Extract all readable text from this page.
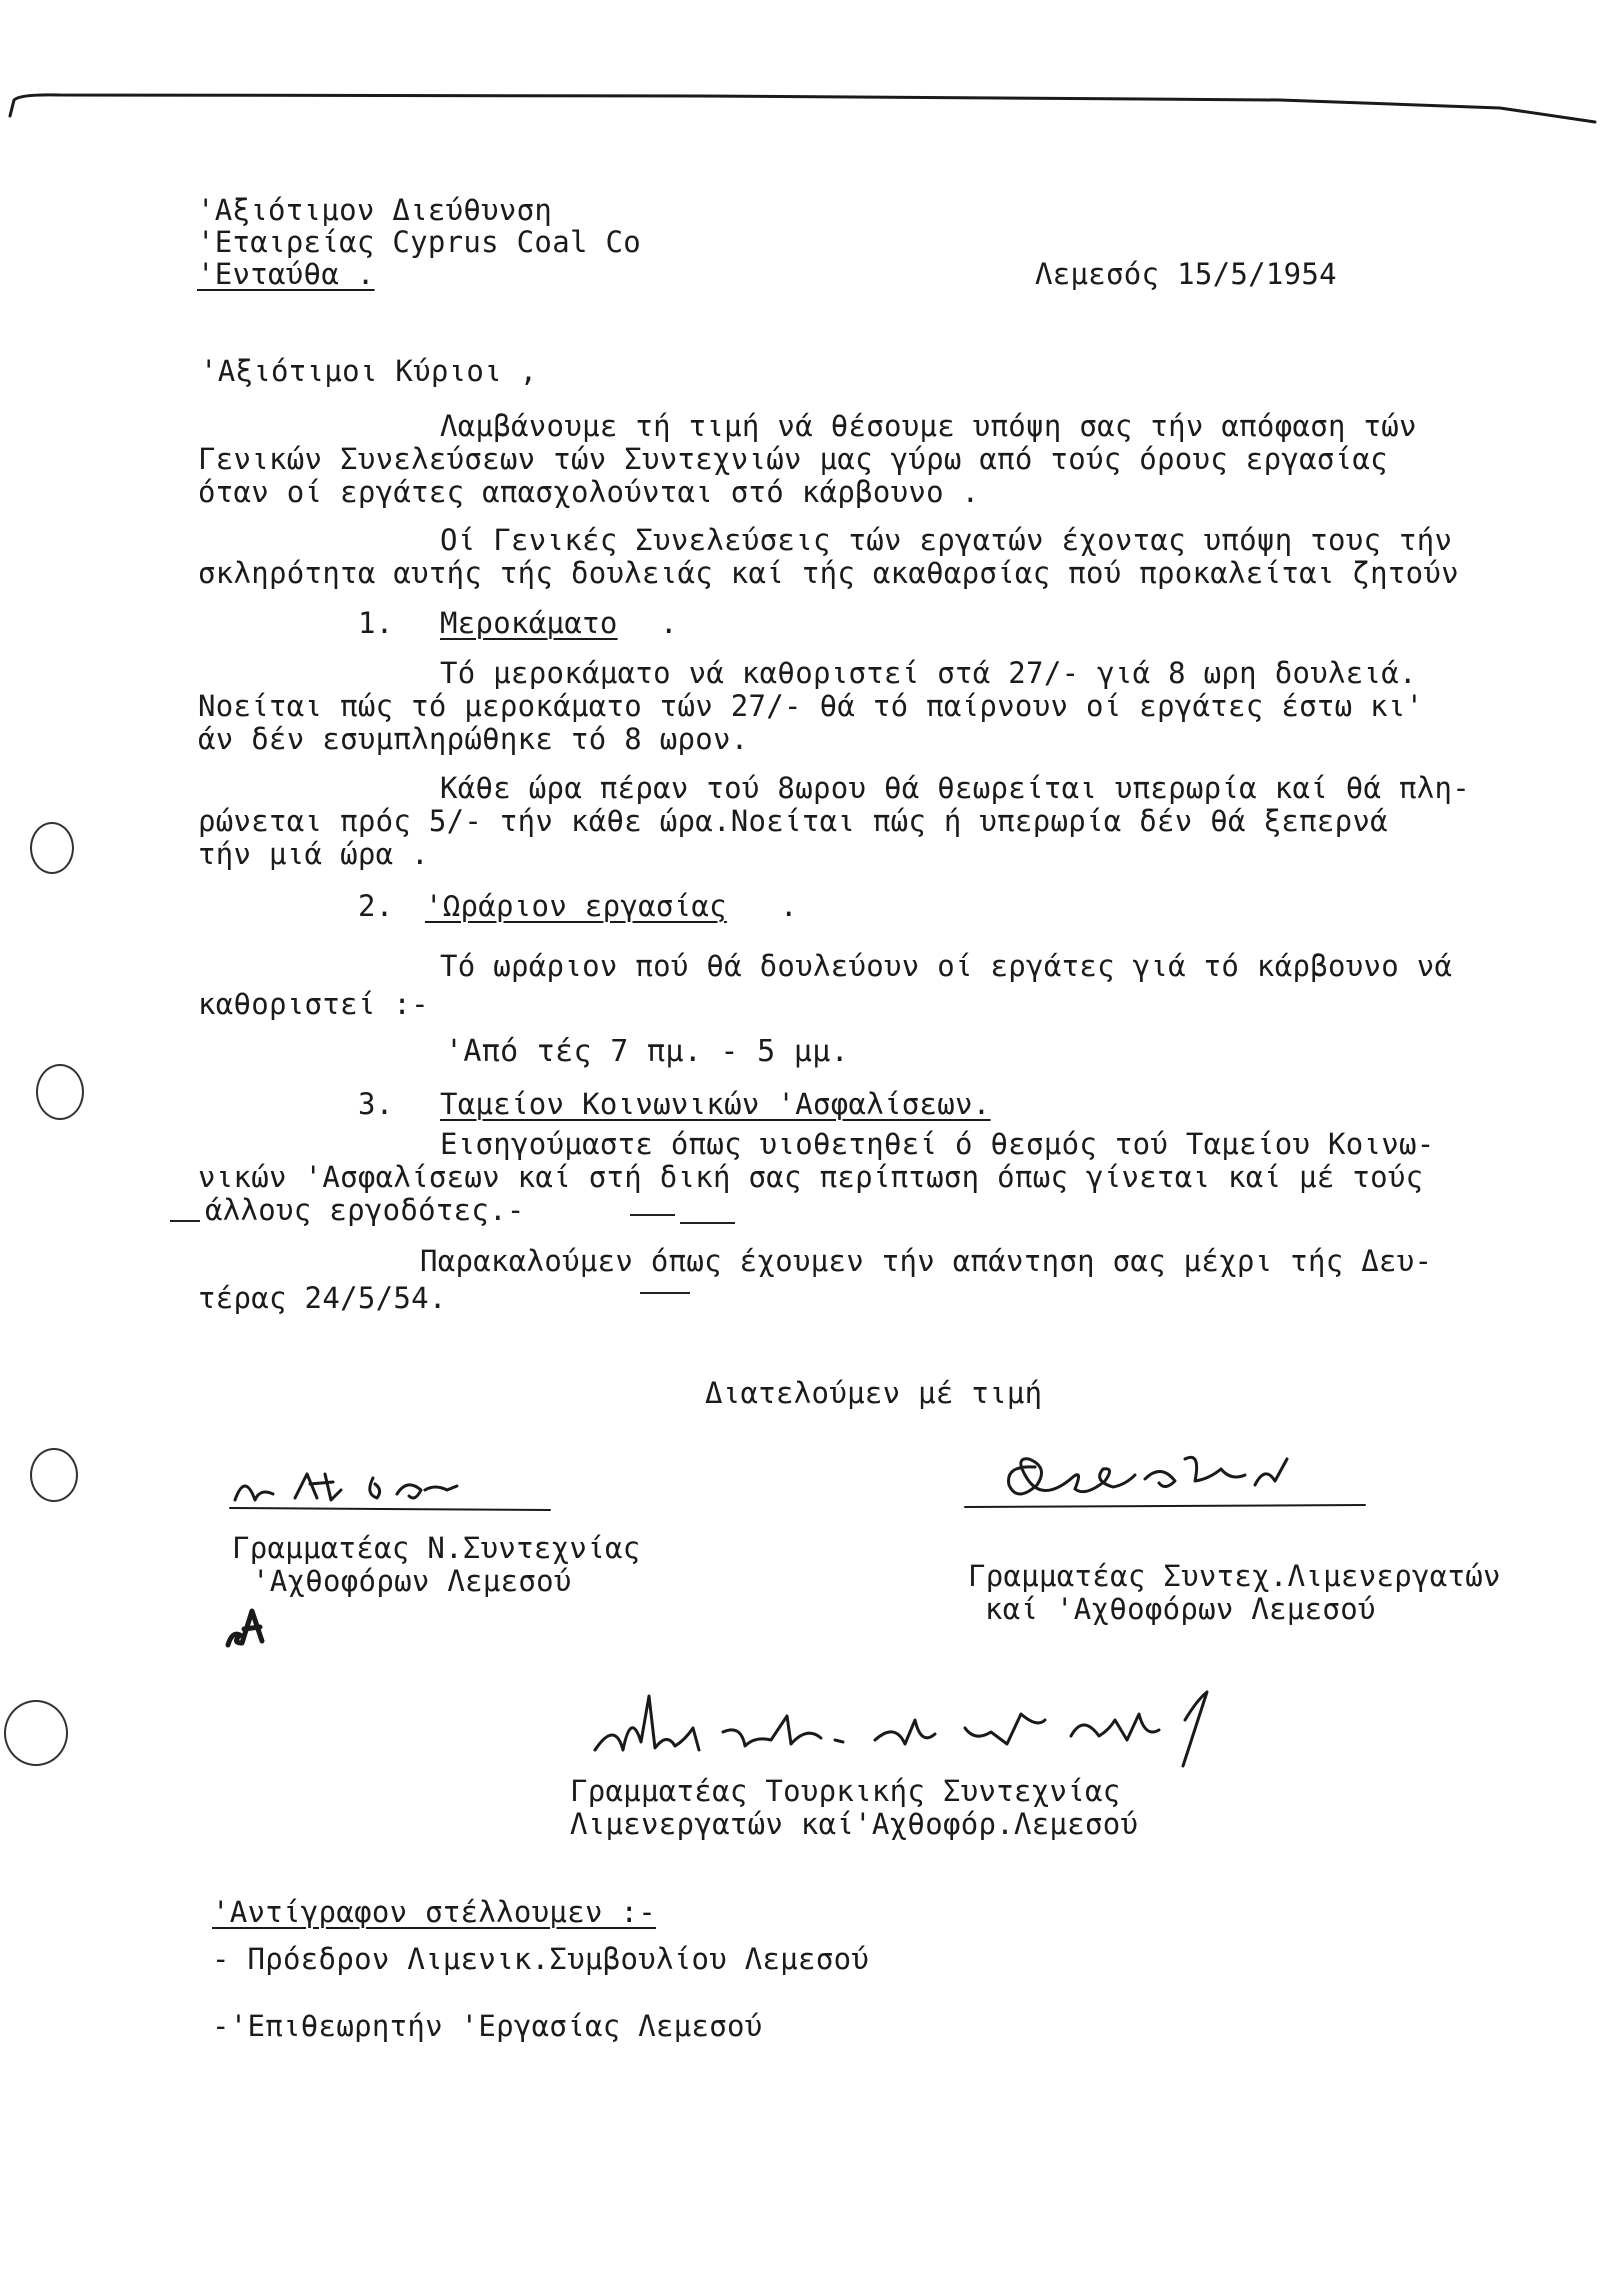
'Αξιότιμον Διεύθυνση

'Εταιρείας Cyprus Coal Co

'Ενταύθα .	Λεμεσός 15/5/1954

'Αξιότιμοι Κύριοι ,

Λαμβάνουμε τή τιμή νά θέσουμε υπόψη σας τήν απόφαση τών

Γενικών Συνελεύσεων τών Συντεχνιών μας γύρω από τούς όρους εργασίας

όταν οί εργάτες απασχολούνται στό κάρβουνο .

Οί Γενικές Συνελεύσεις τών εργατών έχοντας υπόψη τους τήν

σκληρότητα αυτής τής δουλειάς καί τής ακαθαρσίας πού προκαλείται ζητούν

1. Μεροκάματο .

Τό μεροκάματο νά καθοριστεί στά 27/- γιά 8 ωρη δουλειά.

Νοείται πώς τό μεροκάματο τών 27/- θά τό παίρνουν οί εργάτες έστω κι'

άν δέν εσυμπληρώθηκε τό 8 ωρον.

Κάθε ώρα πέραν τού 8ωρου θά θεωρείται υπερωρία καί θά πλη-

ρώνεται πρός 5/- τήν κάθε ώρα.Νοείται πώς ή υπερωρία δέν θά ξεπερνά

τήν μιά ώρα .

2. 'Ωράριον εργασίας .

Τό ωράριον πού θά δουλεύουν οί εργάτες γιά τό κάρβουνο νά

καθοριστεί :-

'Από τές 7 πμ. - 5 μμ.

3. Ταμείον Κοινωνικών 'Ασφαλίσεων.

Εισηγούμαστε όπως υιοθετηθεί ό θεσμός τού Ταμείου Κοινω-

νικών 'Ασφαλίσεων καί στή δική σας περίπτωση όπως γίνεται καί μέ τούς

άλλους εργοδότες.-

Παρακαλούμεν όπως έχουμεν τήν απάντηση σας μέχρι τής Δευ-

τέρας 24/5/54.

Διατελούμεν μέ τιμή

Γραμματέας Ν.Συντεχνίας

'Αχθοφόρων Λεμεσού	Γραμματέας Συντεχ.Λιμενεργατών

καί 'Αχθοφόρων Λεμεσού

Γραμματέας Τουρκικής Συντεχνίας

Λιμενεργατών καί'Αχθοφόρ.Λεμεσού

'Αντίγραφον στέλλουμεν :-

- Πρόεδρον Λιμενικ.Συμβουλίου Λεμεσού

-'Επιθεωρητήν 'Εργασίας Λεμεσού
